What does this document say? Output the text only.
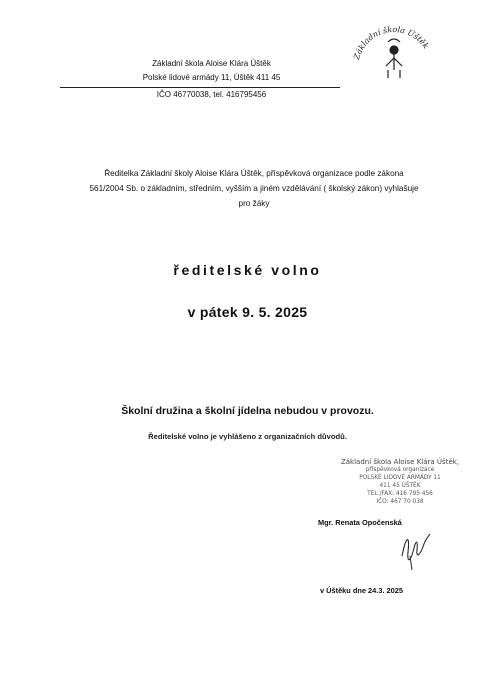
Základní škola Aloise Klára Úštěk
Polské lidové armády 11, Úštěk 411 45
IČO 46770038, tel. 416795456
Základní škola Úštěk
Ředitelka Základní školy Aloise Klára Úštěk, příspěvková organizace podle zákona
561/2004 Sb. o základním, středním, vyšším a jiném vzdělávání ( školský zákon) vyhlašuje
pro žáky
ředitelské volno
v pátek 9. 5. 2025
Školní družina a školní jídelna nebudou v provozu.
Ředitelské volno je vyhlášeno z organizačních důvodů.
Základní škola Aloise Klára Úštěk,
příspěvková organizace
POLSKÉ LIDOVÉ ARMÁDY 11
411 45 ÚŠTĚK
TEL./FAX: 416 795 456
IČO: 467 70 038
Mgr. Renata Opočenská
v Úštěku dne 24.3. 2025
